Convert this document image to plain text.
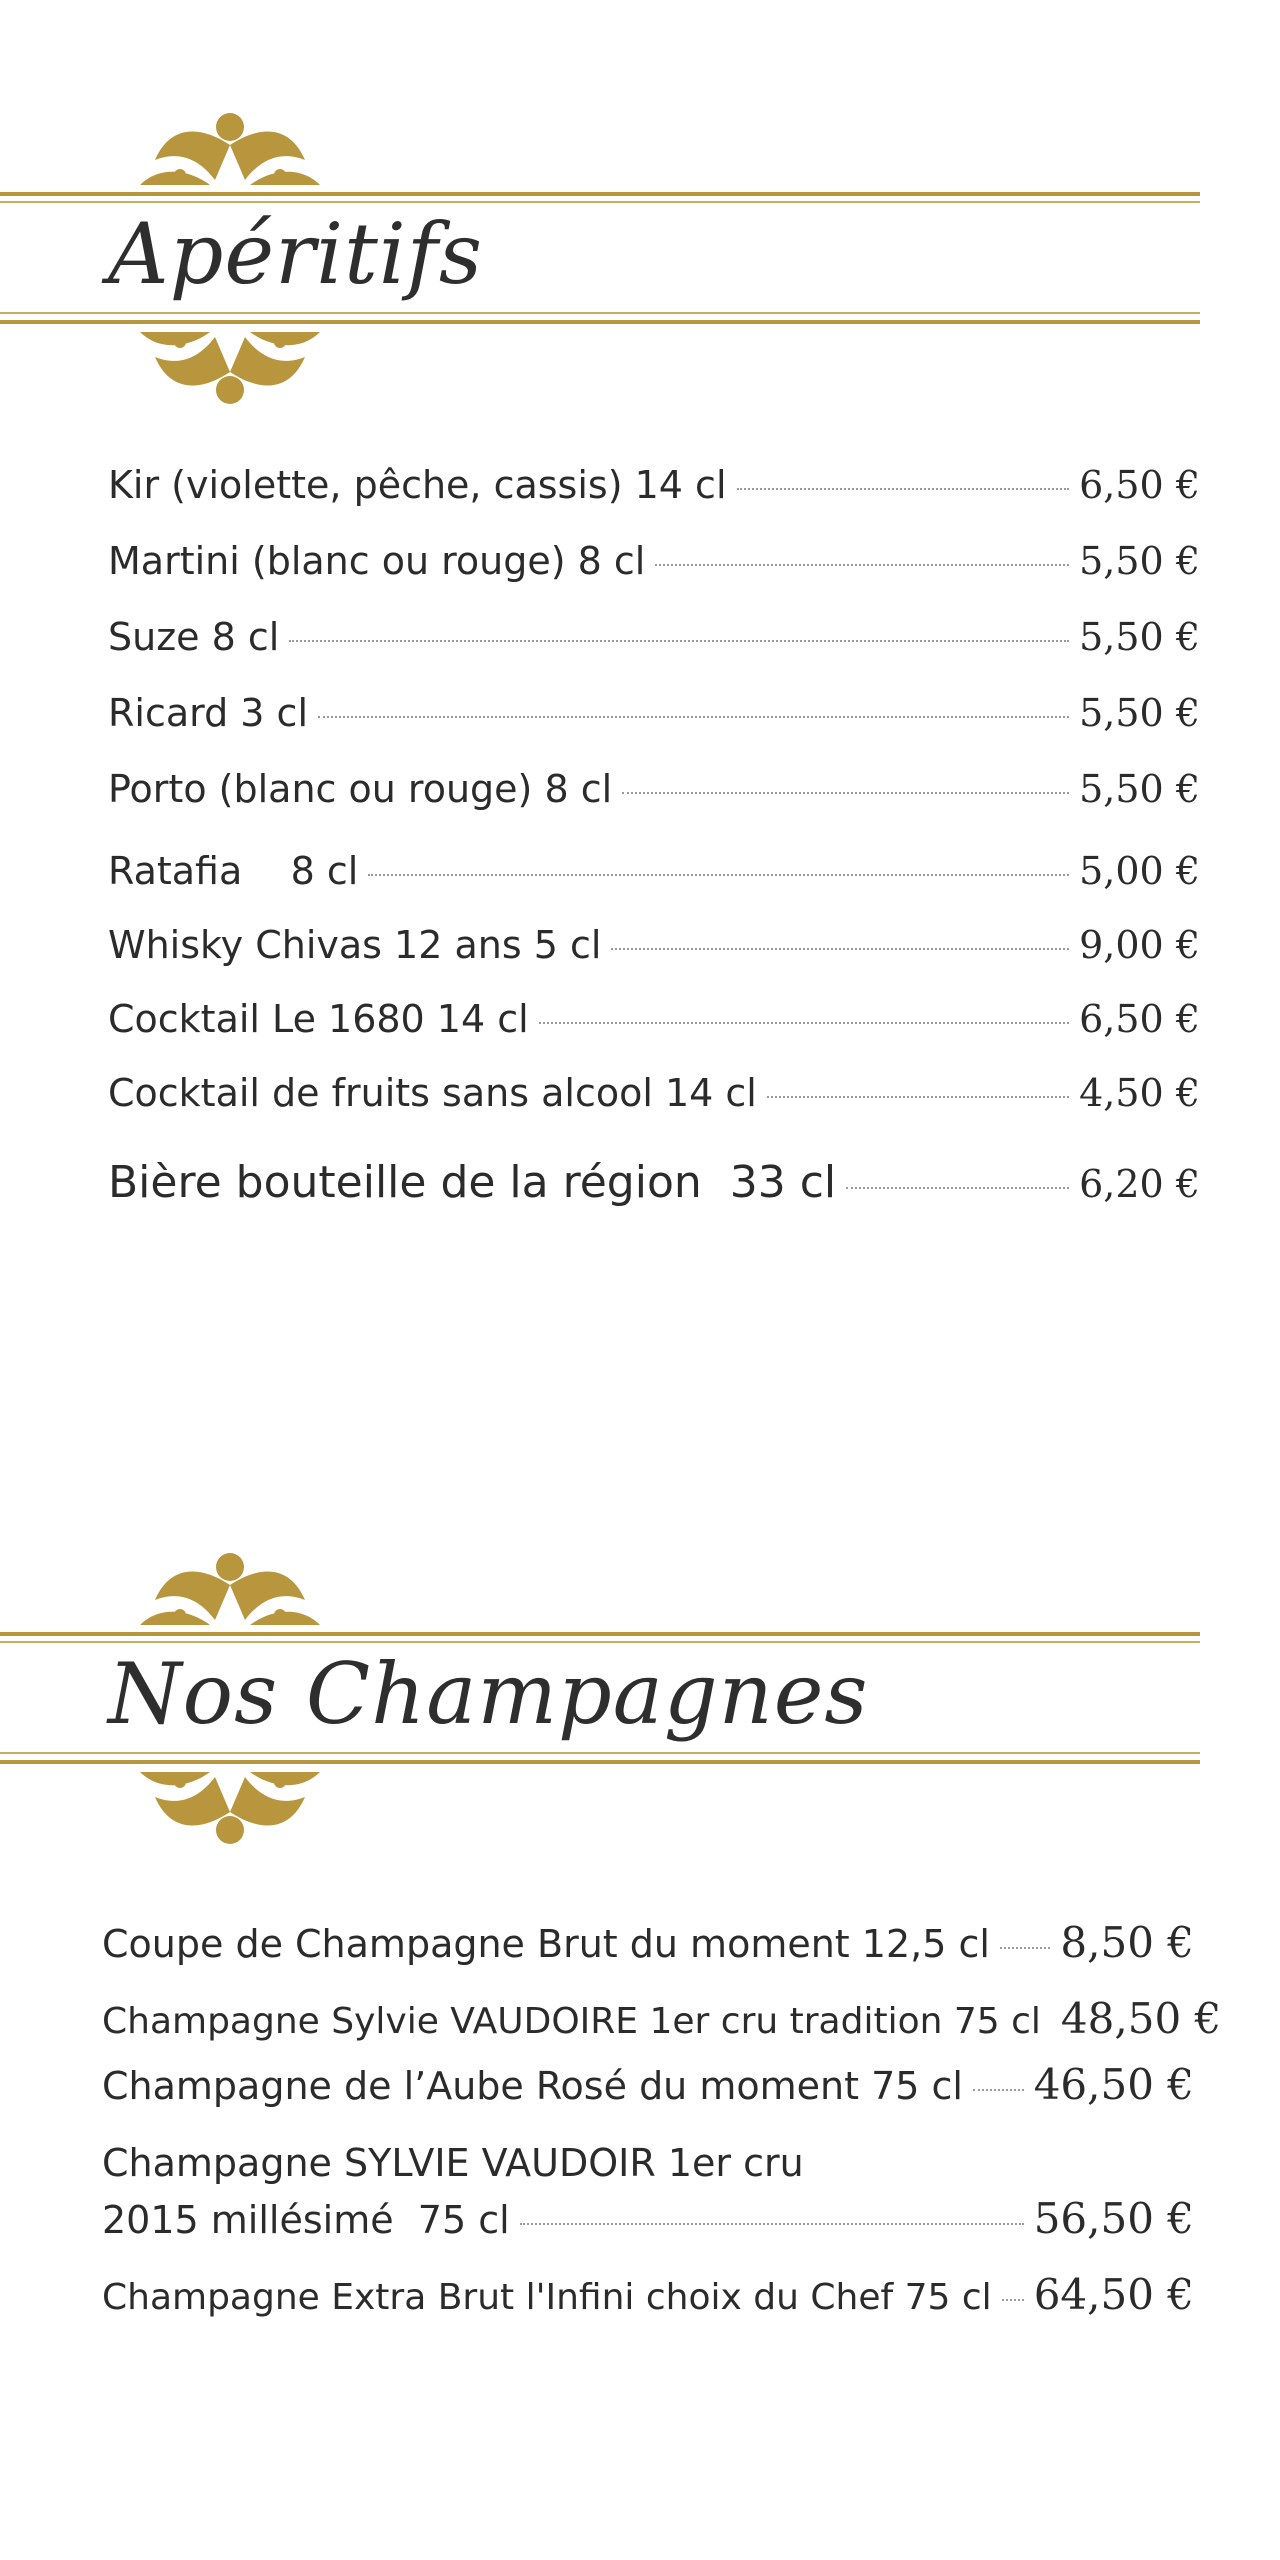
Apéritifs
Kir (violette, pêche, cassis) 14 cl	6,50 €
Martini (blanc ou rouge) 8 cl	5,50 €
Suze 8 cl	5,50 €
Ricard 3 cl	5,50 €
Porto (blanc ou rouge) 8 cl	5,50 €
Ratafia    8 cl	5,00 €
Whisky Chivas 12 ans 5 cl	9,00 €
Cocktail Le 1680 14 cl	6,50 €
Cocktail de fruits sans alcool 14 cl	4,50 €
Bière bouteille de la région  33 cl	6,20 €
Nos Champagnes
Coupe de Champagne Brut du moment 12,5 cl 8,50 €
Champagne Sylvie VAUDOIRE 1er cru tradition 75 cl 48,50 €
Champagne de l’Aube Rosé du moment 75 cl 46,50 €
Champagne SYLVIE VAUDOIR 1er cru
2015 millésimé  75 cl	56,50 €
Champagne Extra Brut l'Infini choix du Chef 75 cl 64,50 €
